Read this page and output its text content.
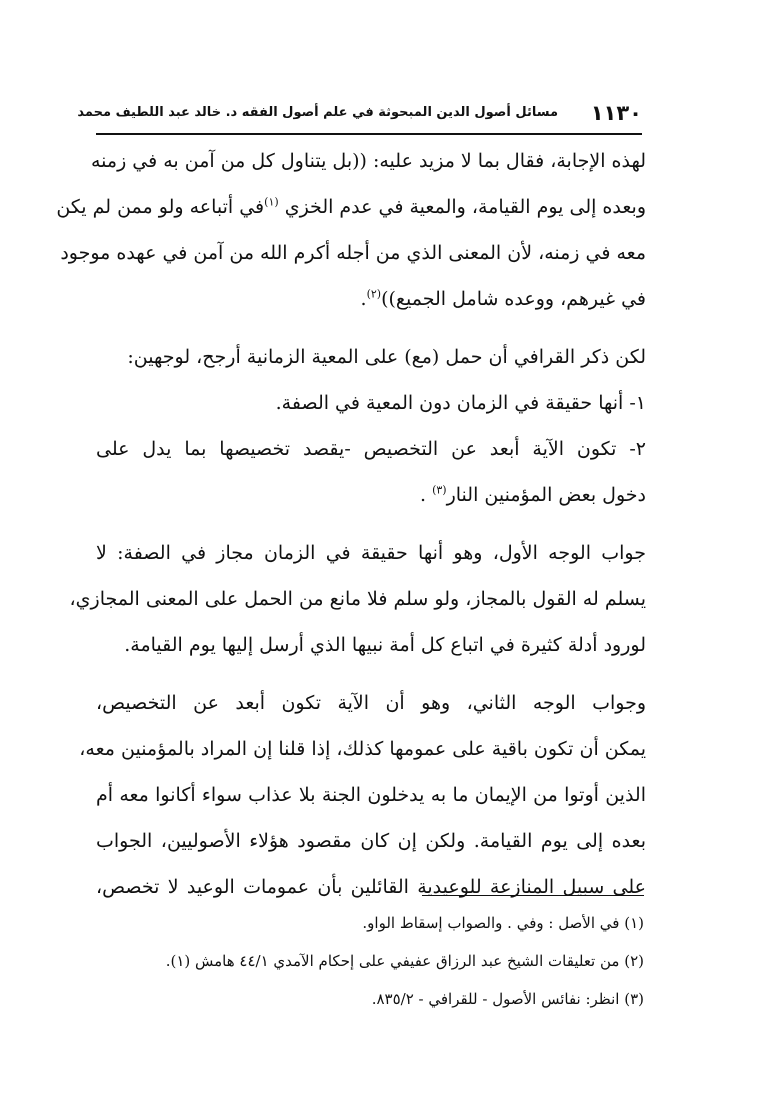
١١٣٠
مسائل أصول الدين المبحوثة في علم أصول الفقه د. خالد عبد اللطيف محمد
لهذه الإجابة، فقال بما لا مزيد عليه: ((بل يتناول كل من آمن به في زمنه
وبعده إلى يوم القيامة، والمعية في عدم الخزي $^{(١)}$في أتباعه ولو ممن لم يكن
معه في زمنه، لأن المعنى الذي من أجله أكرم الله من آمن في عهده موجود
في غيرهم، ووعده شامل الجميع))$^{(٢)}$.
لكن ذكر القرافي أن حمل (مع) على المعية الزمانية أرجح، لوجهين:
١- أنها حقيقة في الزمان دون المعية في الصفة.
٢- تكون الآية أبعد عن التخصيص -يقصد تخصيصها بما يدل على
دخول بعض المؤمنين النار$^{(٣)}$ .
جواب الوجه الأول، وهو أنها حقيقة في الزمان مجاز في الصفة: لا
يسلم له القول بالمجاز، ولو سلم فلا مانع من الحمل على المعنى المجازي،
لورود أدلة كثيرة في اتباع كل أمة نبيها الذي أرسل إليها يوم القيامة.
وجواب الوجه الثاني، وهو أن الآية تكون أبعد عن التخصيص،
يمكن أن تكون باقية على عمومها كذلك، إذا قلنا إن المراد بالمؤمنين معه،
الذين أوتوا من الإيمان ما به يدخلون الجنة بلا عذاب سواء أكانوا معه أم
بعده إلى يوم القيامة. ولكن إن كان مقصود هؤلاء الأصوليين، الجواب
على سبيل المنازعة للوعيدية القائلين بأن عمومات الوعيد لا تخصص،
(١) في الأصل : وفي . والصواب إسقاط الواو.
(٢) من تعليقات الشيخ عبد الرزاق عفيفي على إحكام الآمدي ٤٤/١ هامش (١).
(٣) انظر: نفائس الأصول - للقرافي - ٨٣٥/٢.
